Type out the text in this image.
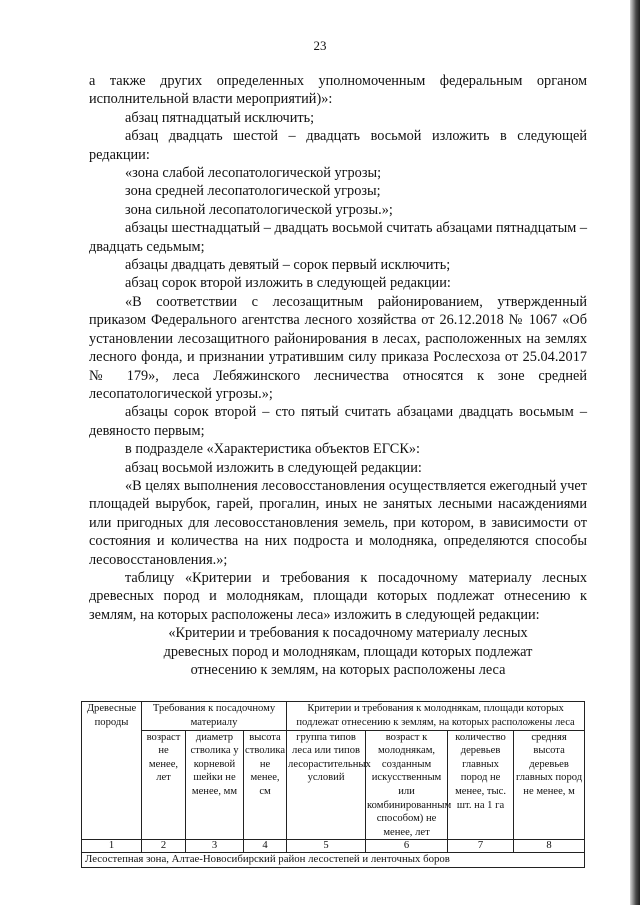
23

а также других определенных уполномоченным федеральным органом исполнительной власти мероприятий)»:

абзац пятнадцатый исключить;

абзац двадцать шестой – двадцать восьмой изложить в следующей редакции:

«зона слабой лесопатологической угрозы;

зона средней лесопатологической угрозы;

зона сильной лесопатологической угрозы.»;

абзацы шестнадцатый – двадцать восьмой считать абзацами пятнадцатым – двадцать седьмым;

абзацы двадцать девятый – сорок первый исключить;

абзац сорок второй изложить в следующей редакции:

«В соответствии с лесозащитным районированием, утвержденный приказом Федерального агентства лесного хозяйства от 26.12.2018 № 1067 «Об установлении лесозащитного районирования в лесах, расположенных на землях лесного фонда, и признании утратившим силу приказа Рослесхоза от 25.04.2017 № 179», леса Лебяжинского лесничества относятся к зоне средней лесопатологической угрозы.»;

абзацы сорок второй – сто пятый считать абзацами двадцать восьмым – девяносто первым;

в подразделе «Характеристика объектов ЕГСК»:

абзац восьмой изложить в следующей редакции:

«В целях выполнения лесовосстановления осуществляется ежегодный учет площадей вырубок, гарей, прогалин, иных не занятых лесными насаждениями или пригодных для лесовосстановления земель, при котором, в зависимости от состояния и количества на них подроста и молодняка, определяются способы лесовосстановления.»;

таблицу «Критерии и требования к посадочному материалу лесных древесных пород и молоднякам, площади которых подлежат отнесению к землям, на которых расположены леса» изложить в следующей редакции:

«Критерии и требования к посадочному материалу лесных

древесных пород и молоднякам, площади которых подлежат

отнесению к землям, на которых расположены леса

Древесные породы	Требования к посадочному материалу			Критерии и требования к молоднякам, площади которых подлежат отнесению к землям, на которых расположены леса			
	возраст не менее, лет	диаметр стволика у корневой шейки не менее, мм	высота стволика не менее, см	группа типов леса или типов лесорастительных условий	возраст к молоднякам, созданным искусственным или комбинированным способом) не менее, лет	количество деревьев главных пород не менее, тыс. шт. на 1 га	средняя высота деревьев главных пород не менее, м
1	2	3	4	5	6	7	8
Лесостепная зона, Алтае-Новосибирский район лесостепей и ленточных боров							
